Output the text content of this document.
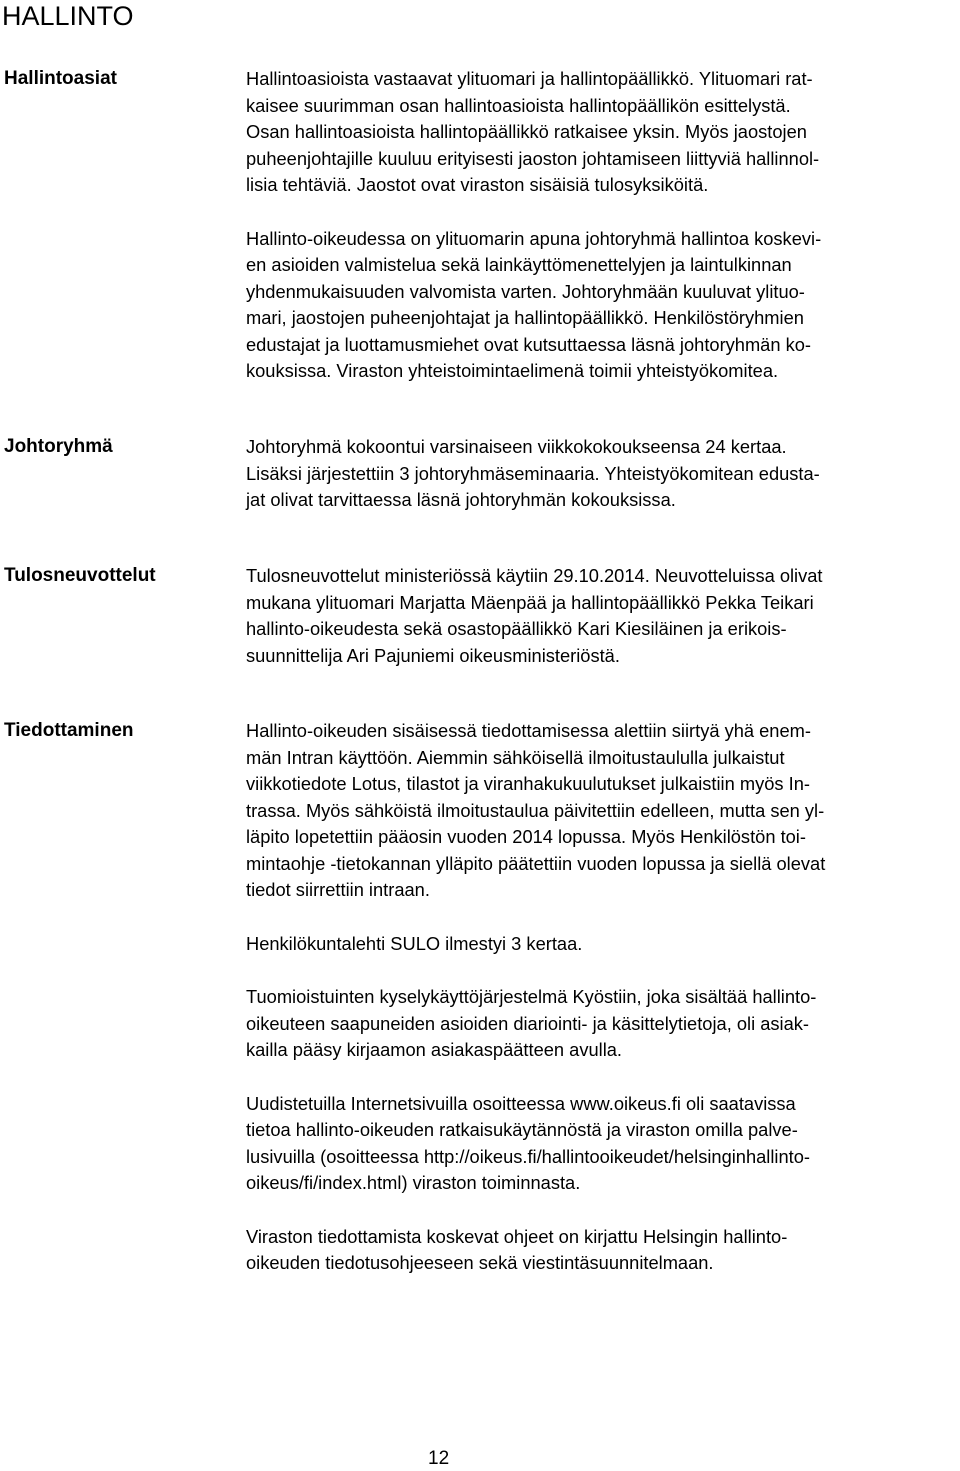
HALLINTO
Hallintoasiat	Hallintoasioista vastaavat ylituomari ja hallintopäällikkö. Ylituomari rat-
kaisee suurimman osan hallintoasioista hallintopäällikön esittelystä.
Osan hallintoasioista hallintopäällikkö ratkaisee yksin. Myös jaostojen
puheenjohtajille kuuluu erityisesti jaoston johtamiseen liittyviä hallinnol-
lisia tehtäviä. Jaostot ovat viraston sisäisiä tulosyksiköitä.

Hallinto-oikeudessa on ylituomarin apuna johtoryhmä hallintoa koskevi-
en asioiden valmistelua sekä lainkäyttömenettelyjen ja laintulkinnan
yhdenmukaisuuden valvomista varten. Johtoryhmään kuuluvat ylituo-
mari, jaostojen puheenjohtajat ja hallintopäällikkö. Henkilöstöryhmien
edustajat ja luottamusmiehet ovat kutsuttaessa läsnä johtoryhmän ko-
kouksissa. Viraston yhteistoimintaelimenä toimii yhteistyökomitea.

Johtoryhmä	Johtoryhmä kokoontui varsinaiseen viikkokokoukseensa 24 kertaa.
Lisäksi järjestettiin 3 johtoryhmäseminaaria. Yhteistyökomitean edusta-
jat olivat tarvittaessa läsnä johtoryhmän kokouksissa.

Tulosneuvottelut	Tulosneuvottelut ministeriössä käytiin 29.10.2014. Neuvotteluissa olivat
mukana ylituomari Marjatta Mäenpää ja hallintopäällikkö Pekka Teikari
hallinto-oikeudesta sekä osastopäällikkö Kari Kiesiläinen ja erikois-
suunnittelija Ari Pajuniemi oikeusministeriöstä.

Tiedottaminen	Hallinto-oikeuden sisäisessä tiedottamisessa alettiin siirtyä yhä enem-
män Intran käyttöön. Aiemmin sähköisellä ilmoitustaululla julkaistut
viikkotiedote Lotus, tilastot ja viranhakukuulutukset julkaistiin myös In-
trassa. Myös sähköistä ilmoitustaulua päivitettiin edelleen, mutta sen yl-
läpito lopetettiin pääosin vuoden 2014 lopussa. Myös Henkilöstön toi-
mintaohje -tietokannan ylläpito päätettiin vuoden lopussa ja siellä olevat
tiedot siirrettiin intraan.

Henkilökuntalehti SULO ilmestyi 3 kertaa.

Tuomioistuinten kyselykäyttöjärjestelmä Kyöstiin, joka sisältää hallinto-
oikeuteen saapuneiden asioiden diariointi- ja käsittelytietoja, oli asiak-
kailla pääsy kirjaamon asiakaspäätteen avulla.

Uudistetuilla Internetsivuilla osoitteessa www.oikeus.fi oli saatavissa
tietoa hallinto-oikeuden ratkaisukäytännöstä ja viraston omilla palve-
lusivuilla (osoitteessa http://oikeus.fi/hallintooikeudet/helsinginhallinto-
oikeus/fi/index.html) viraston toiminnasta.

Viraston tiedottamista koskevat ohjeet on kirjattu Helsingin hallinto-
oikeuden tiedotusohjeeseen sekä viestintäsuunnitelmaan.

12
